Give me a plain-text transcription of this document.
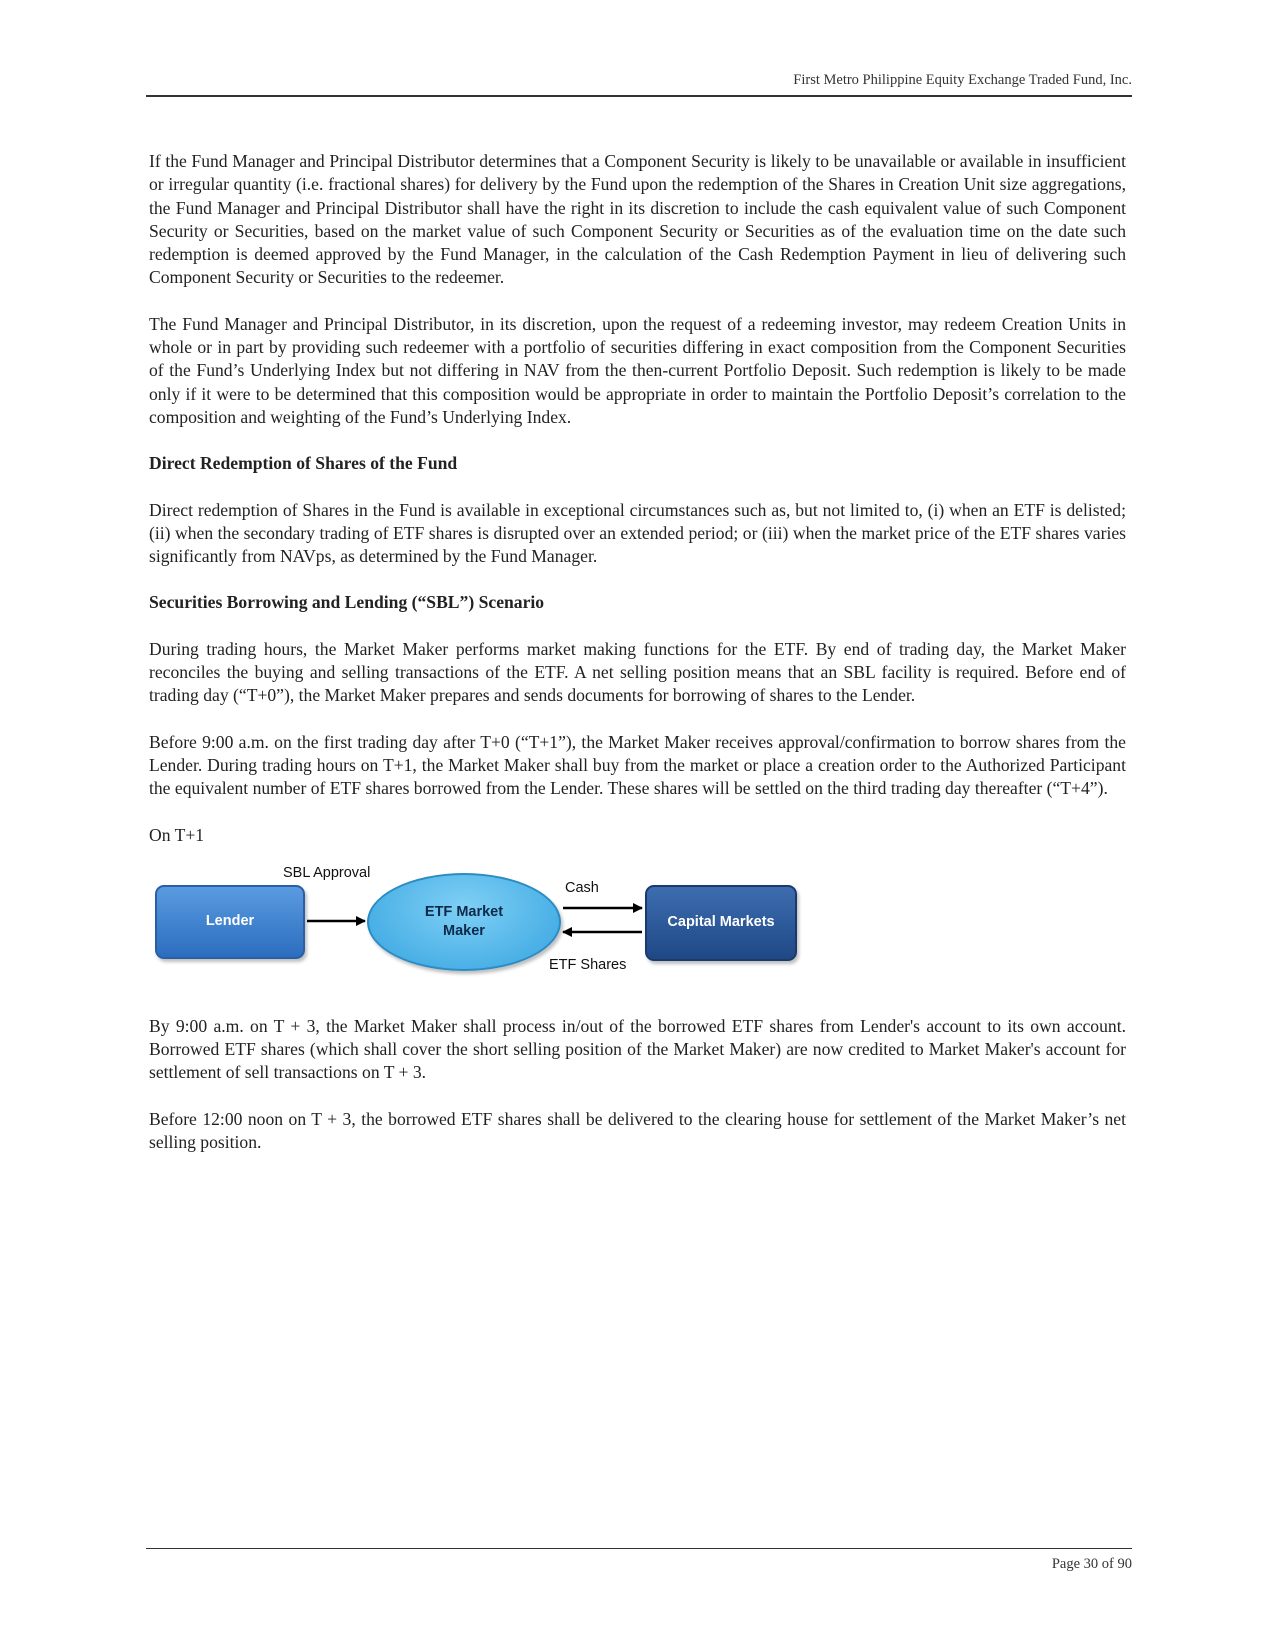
First Metro Philippine Equity Exchange Traded Fund, Inc.

If the Fund Manager and Principal Distributor determines that a Component Security is likely to be unavailable or available in insufficient or irregular quantity (i.e. fractional shares) for delivery by the Fund upon the redemption of the Shares in Creation Unit size aggregations, the Fund Manager and Principal Distributor shall have the right in its discretion to include the cash equivalent value of such Component Security or Securities, based on the market value of such Component Security or Securities as of the evaluation time on the date such redemption is deemed approved by the Fund Manager, in the calculation of the Cash Redemption Payment in lieu of delivering such Component Security or Securities to the redeemer.

The Fund Manager and Principal Distributor, in its discretion, upon the request of a redeeming investor, may redeem Creation Units in whole or in part by providing such redeemer with a portfolio of securities differing in exact composition from the Component Securities of the Fund’s Underlying Index but not differing in NAV from the then-current Portfolio Deposit. Such redemption is likely to be made only if it were to be determined that this composition would be appropriate in order to maintain the Portfolio Deposit’s correlation to the composition and weighting of the Fund’s Underlying Index.

Direct Redemption of Shares of the Fund

Direct redemption of Shares in the Fund is available in exceptional circumstances such as, but not limited to, (i) when an ETF is delisted; (ii) when the secondary trading of ETF shares is disrupted over an extended period; or (iii) when the market price of the ETF shares varies significantly from NAVps, as determined by the Fund Manager.

Securities Borrowing and Lending (“SBL”) Scenario

During trading hours, the Market Maker performs market making functions for the ETF. By end of trading day, the Market Maker reconciles the buying and selling transactions of the ETF. A net selling position means that an SBL facility is required. Before end of trading day (“T+0”), the Market Maker prepares and sends documents for borrowing of shares to the Lender.

Before 9:00 a.m. on the first trading day after T+0 (“T+1”), the Market Maker receives approval/confirmation to borrow shares from the Lender. During trading hours on T+1, the Market Maker shall buy from the market or place a creation order to the Authorized Participant the equivalent number of ETF shares borrowed from the Lender. These shares will be settled on the third trading day thereafter (“T+4”).

On T+1

Lender
ETF Market Maker
Capital Markets
SBL Approval
Cash
ETF Shares

By 9:00 a.m. on T + 3, the Market Maker shall process in/out of the borrowed ETF shares from Lender's account to its own account. Borrowed ETF shares (which shall cover the short selling position of the Market Maker) are now credited to Market Maker's account for settlement of sell transactions on T + 3.

Before 12:00 noon on T + 3, the borrowed ETF shares shall be delivered to the clearing house for settlement of the Market Maker’s net selling position.

Page 30 of 90
